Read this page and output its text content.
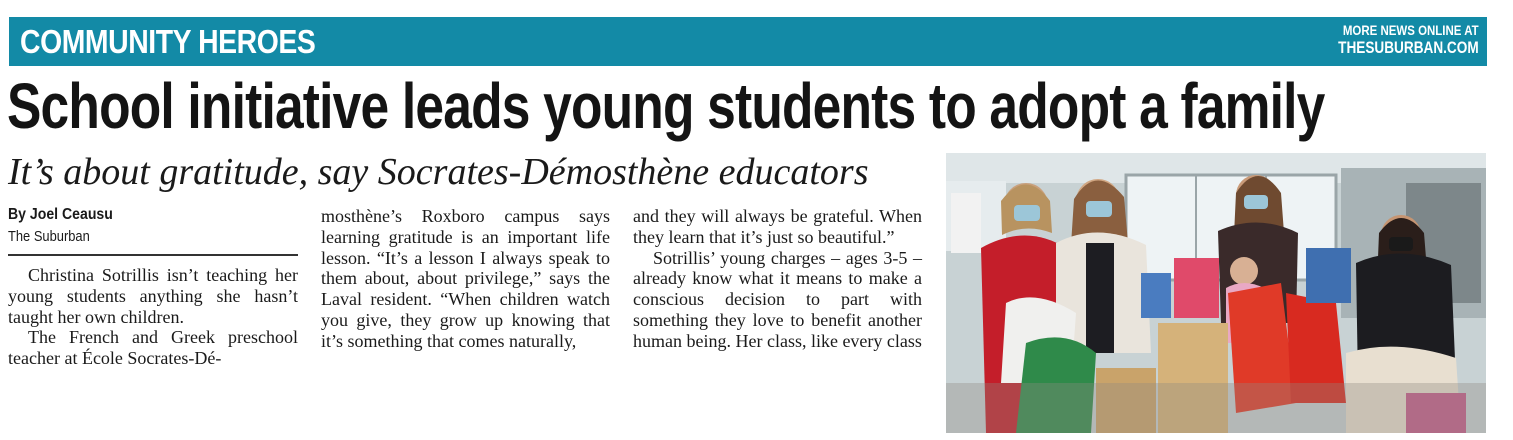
COMMUNITY HEROES	MORE NEWS ONLINE AT
THESUBURBAN.COM
School initiative leads young students to adopt a family
It’s about gratitude, say Socrates-Démosthène educators
By Joel Ceausu
The Suburban

Christina Sotrillis isn’t teaching her young students anything she hasn’t taught her own children.

The French and Greek preschool teacher at École Socrates-Dé-

mosthène’s Roxboro campus says learning gratitude is an important life lesson. “It’s a lesson I always speak to them about, about privilege,” says the Laval resident. “When children watch you give, they grow up knowing that it’s something that comes naturally,

and they will always be grateful. When they learn that it’s just so beautiful.”

Sotrillis’ young charges – ages 3-5 – already know what it means to make a conscious decision to part with something they love to benefit another human being. Her class, like every class
